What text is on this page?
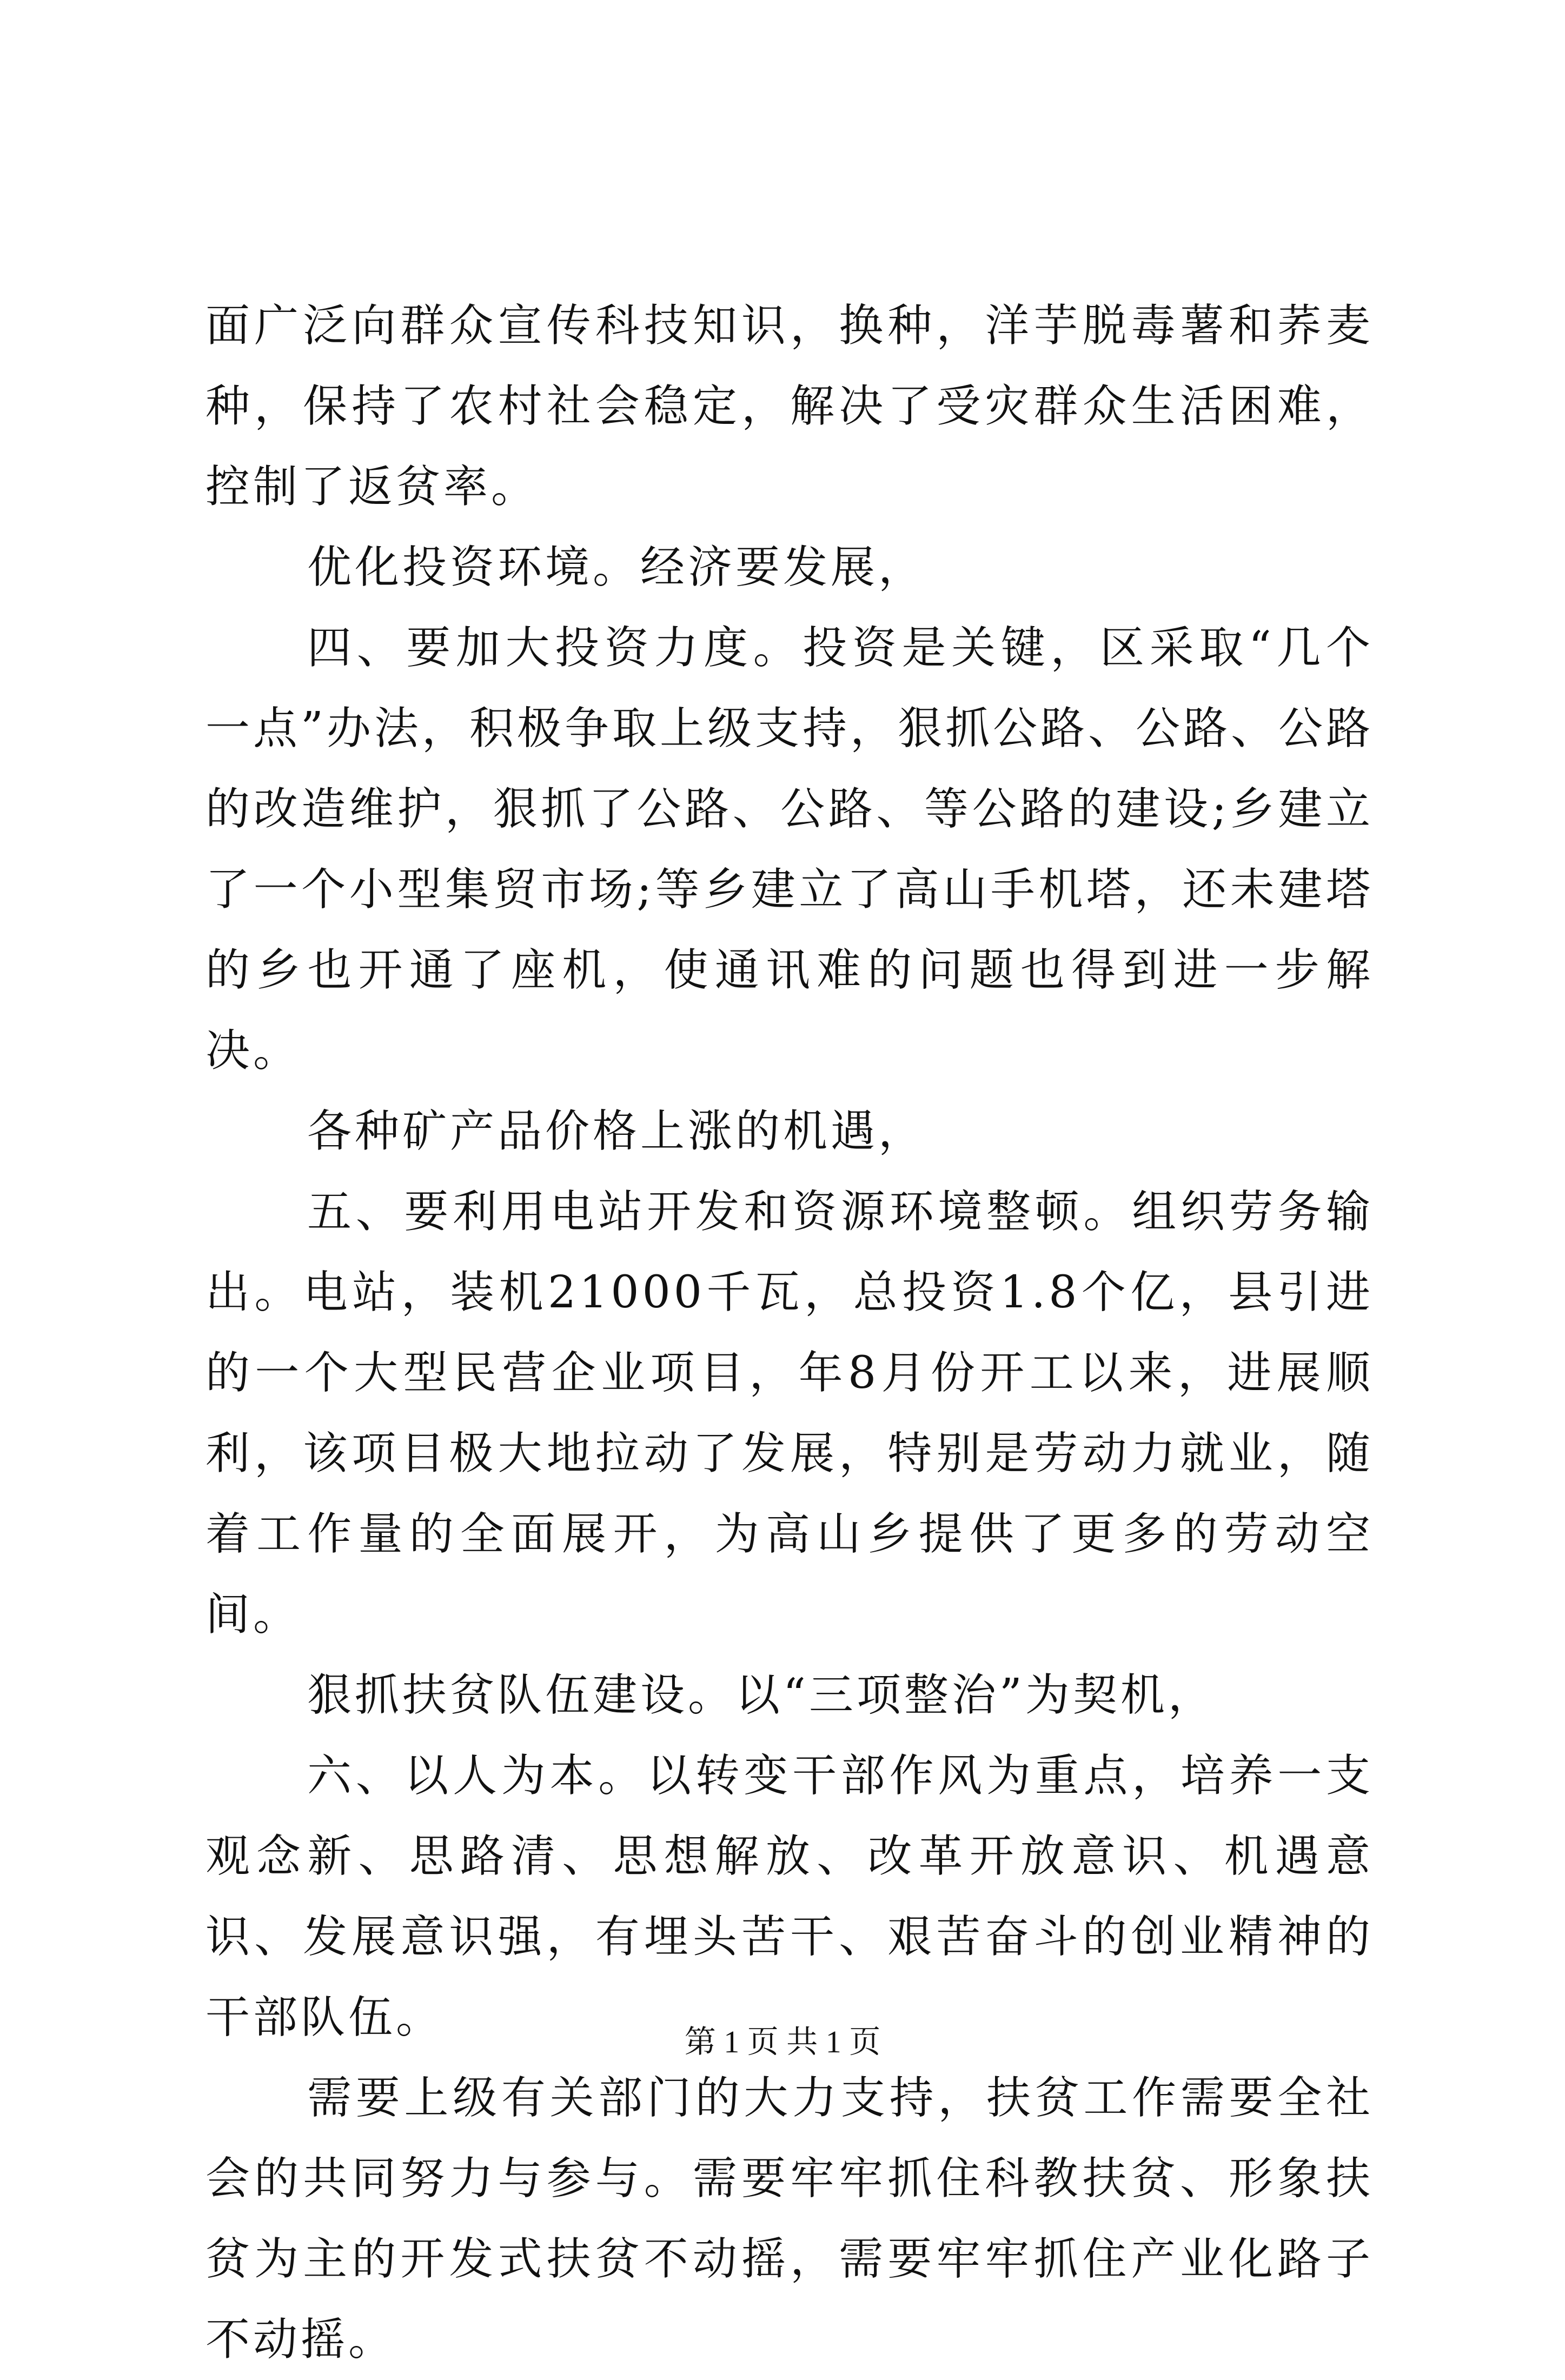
面广泛向群众宣传科技知识，换种，洋芋脱毒薯和荞麦种，保持了农村社会稳定，解决了受灾群众生活困难，控制了返贫率。

优化投资环境。经济要发展，

四、要加大投资力度。投资是关键，区采取“几个一点”办法，积极争取上级支持，狠抓公路、公路、公路的改造维护，狠抓了公路、公路、等公路的建设;乡建立了一个小型集贸市场;等乡建立了高山手机塔，还未建塔的乡也开通了座机，使通讯难的问题也得到进一步解决。

各种矿产品价格上涨的机遇，

五、要利用电站开发和资源环境整顿。组织劳务输出。电站，装机21000千瓦，总投资1.8个亿，县引进的一个大型民营企业项目，年8月份开工以来，进展顺利，该项目极大地拉动了发展，特别是劳动力就业，随着工作量的全面展开，为高山乡提供了更多的劳动空间。

狠抓扶贫队伍建设。以“三项整治”为契机，

六、以人为本。以转变干部作风为重点，培养一支观念新、思路清、思想解放、改革开放意识、机遇意识、发展意识强，有埋头苦干、艰苦奋斗的创业精神的干部队伍。

需要上级有关部门的大力支持，扶贫工作需要全社会的共同努力与参与。需要牢牢抓住科教扶贫、形象扶贫为主的开发式扶贫不动摇，需要牢牢抓住产业化路子不动摇。

第 1 页 共 1 页
